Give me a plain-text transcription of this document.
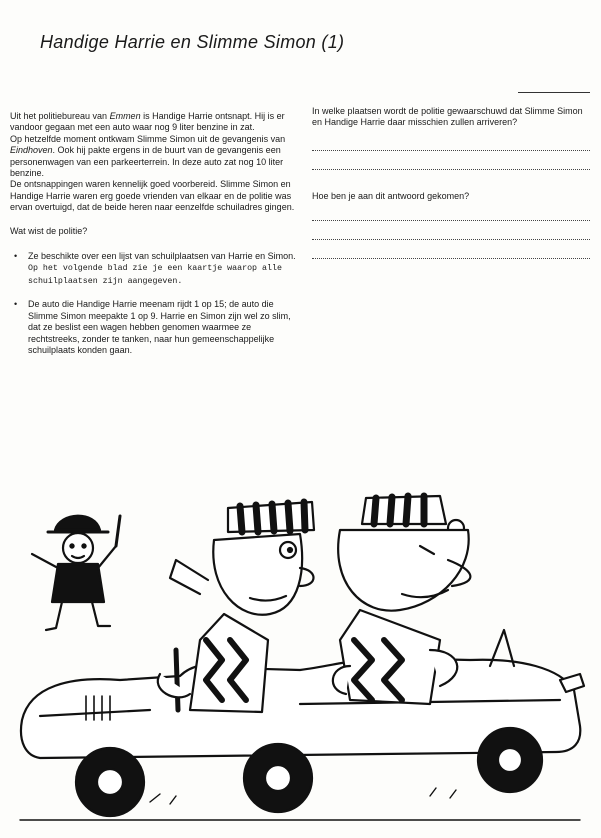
Handige Harrie en Slimme Simon (1)

Uit het politiebureau van Emmen is Handige Harrie ontsnapt. Hij is er vandoor gegaan met een auto waar nog 9 liter benzine in zat.

Op hetzelfde moment ontkwam Slimme Simon uit de gevangenis van Eindhoven. Ook hij pakte ergens in de buurt van de gevangenis een personenwagen van een parkeerterrein. In deze auto zat nog 10 liter benzine.

De ontsnappingen waren kennelijk goed voorbereid. Slimme Simon en Handige Harrie waren erg goede vrienden van elkaar en de politie was ervan overtuigd, dat de beide heren naar eenzelfde schuiladres gingen.

Wat wist de politie?

• Ze beschikte over een lijst van schuilplaatsen van Harrie en Simon. Op het volgende blad zie je een kaartje waarop alle schuilplaatsen zijn aangegeven.
• De auto die Handige Harrie meenam rijdt 1 op 15; de auto die Slimme Simon meepakte 1 op 9. Harrie en Simon zijn wel zo slim, dat ze beslist een wagen hebben genomen waarmee ze rechtstreeks, zonder te tanken, naar hun gemeenschappelijke schuilplaats konden gaan.

In welke plaatsen wordt de politie gewaarschuwd dat Slimme Simon en Handige Harrie daar misschien zullen arriveren?

Hoe ben je aan dit antwoord gekomen?
